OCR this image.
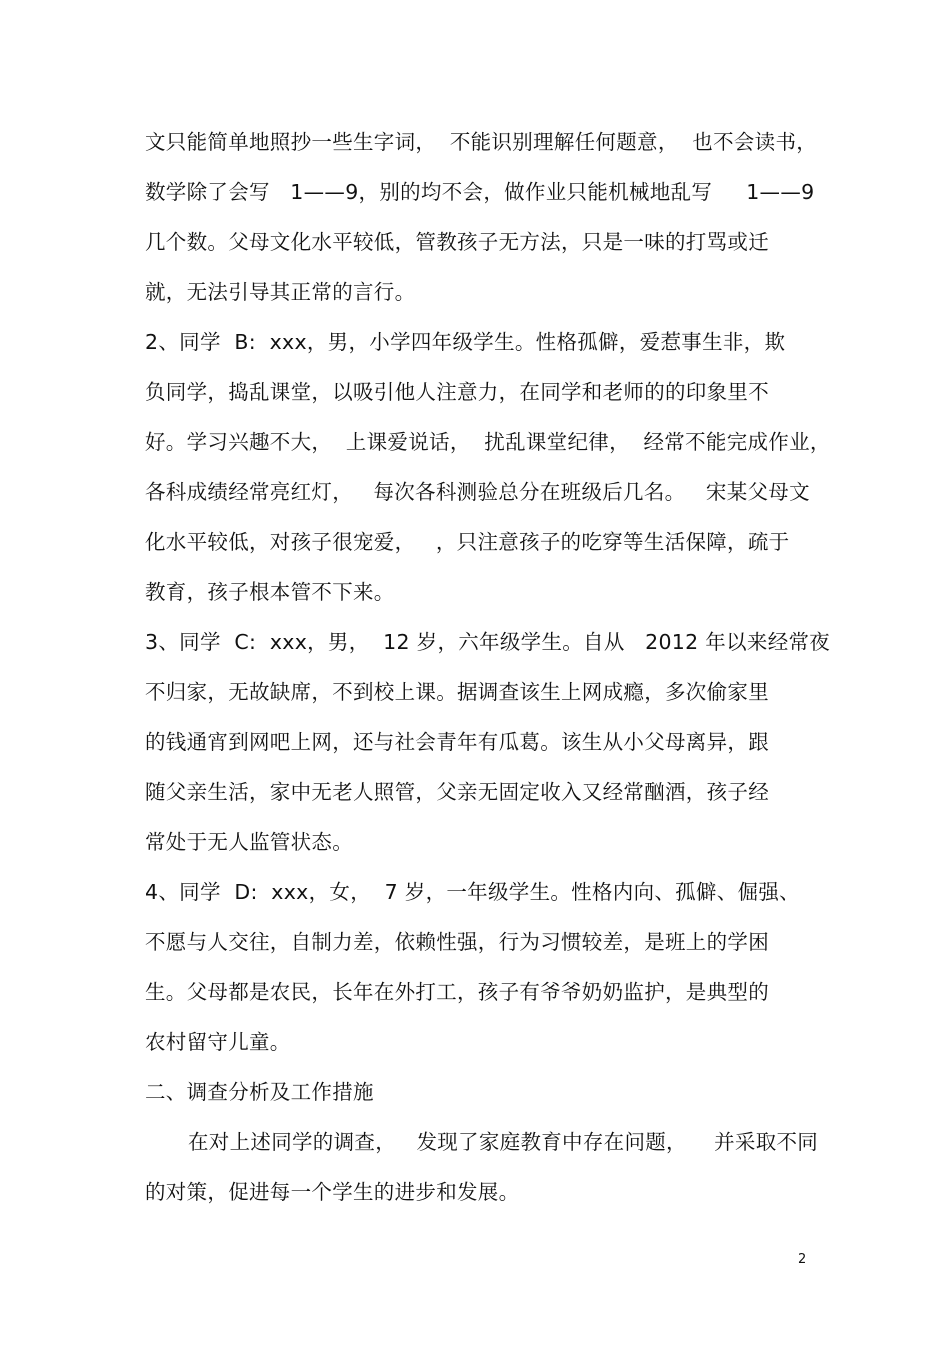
文只能简单地照抄一些生字词，  不能识别理解任何题意，  也不会读书，
数学除了会写   1——9，别的均不会，做作业只能机械地乱写     1——9
几个数。父母文化水平较低，管教孩子无方法，只是一味的打骂或迁
就，无法引导其正常的言行。
2、同学  B:  xxx，男，小学四年级学生。性格孤僻，爱惹事生非，欺
负同学，捣乱课堂，以吸引他人注意力，在同学和老师的的印象里不
好。学习兴趣不大，  上课爱说话，  扰乱课堂纪律，  经常不能完成作业，
各科成绩经常亮红灯，   每次各科测验总分在班级后几名。   宋某父母文
化水平较低，对孩子很宠爱，   ，只注意孩子的吃穿等生活保障，疏于
教育，孩子根本管不下来。
3、同学  C:  xxx，男，  12 岁，六年级学生。自从   2012 年以来经常夜
不归家，无故缺席，不到校上课。据调查该生上网成瘾，多次偷家里
的钱通宵到网吧上网，还与社会青年有瓜葛。该生从小父母离异，跟
随父亲生活，家中无老人照管，父亲无固定收入又经常酗酒，孩子经
常处于无人监管状态。
4、同学  D:  xxx，女，  7 岁，一年级学生。性格内向、孤僻、倔强、
不愿与人交往，自制力差，依赖性强，行为习惯较差，是班上的学困
生。父母都是农民，长年在外打工，孩子有爷爷奶奶监护，是典型的
农村留守儿童。
二、调查分析及工作措施
在对上述同学的调查，   发现了家庭教育中存在问题，    并采取不同
的对策，促进每一个学生的进步和发展。
2
